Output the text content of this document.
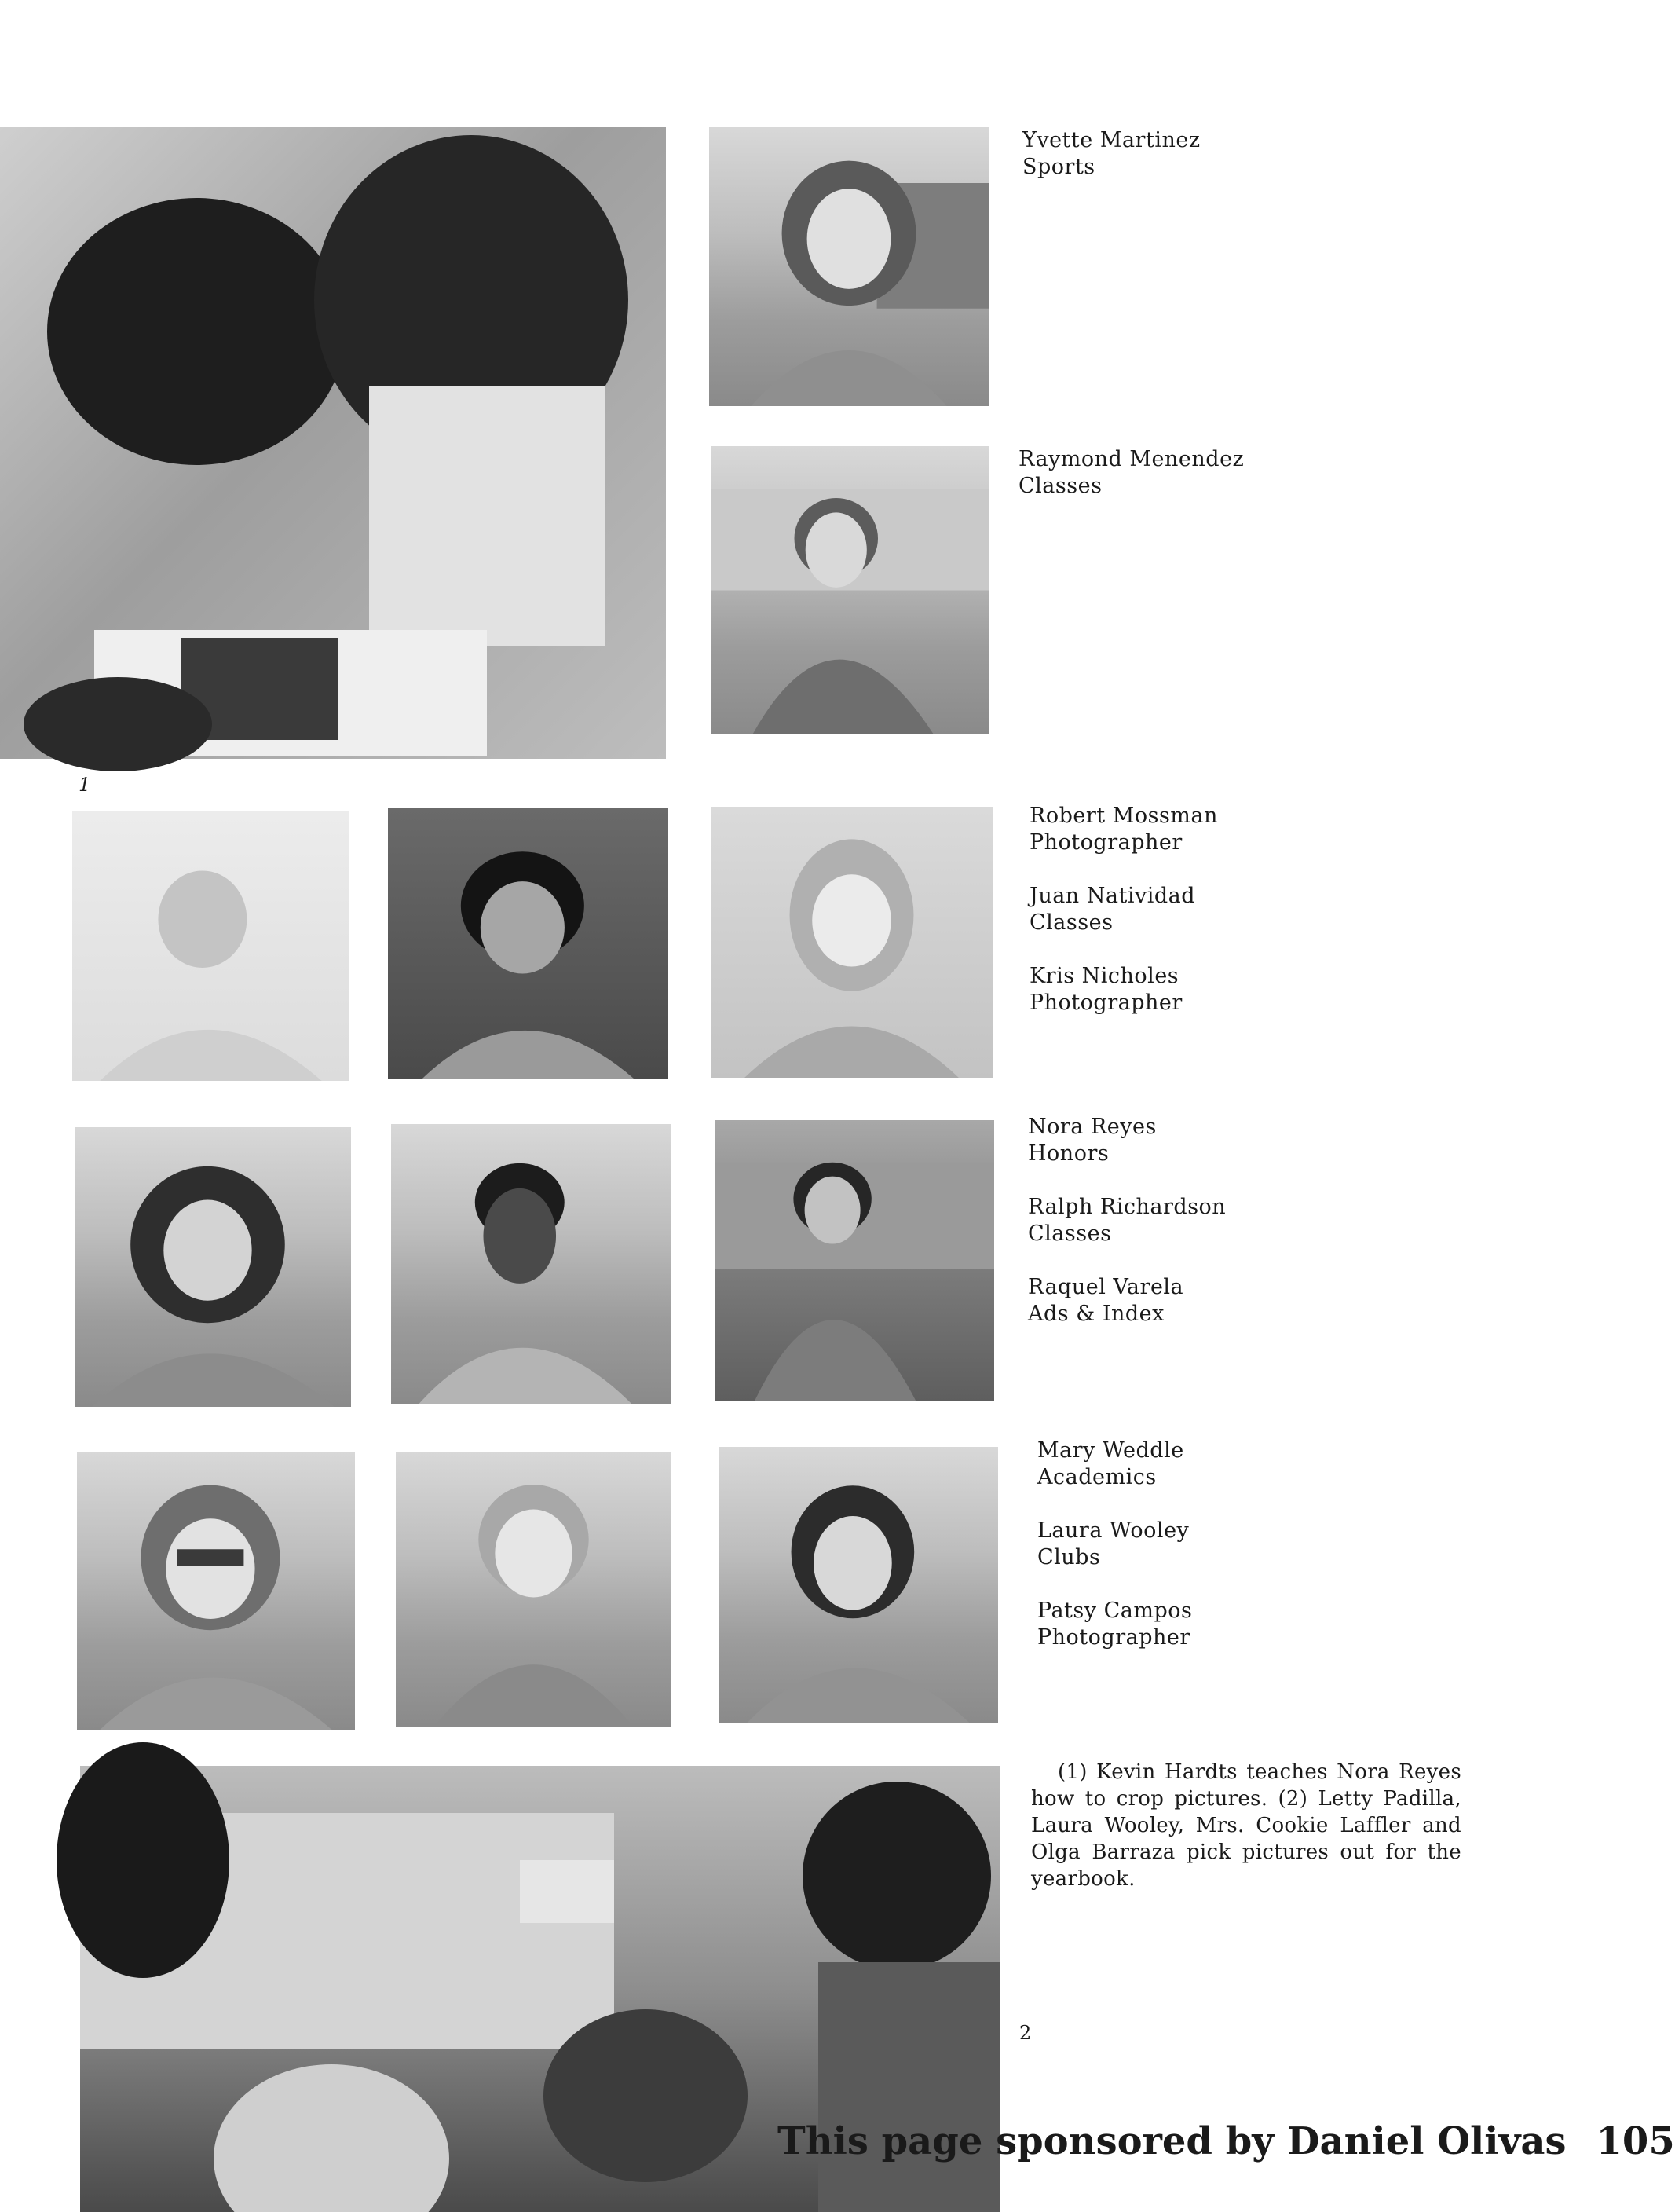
Yvette Martinez
Sports
Raymond Menendez
Classes
1
Robert Mossman
Photographer
Juan Natividad
Classes
Kris Nicholes
Photographer
Nora Reyes
Honors
Ralph Richardson
Classes
Raquel Varela
Ads & Index
Mary Weddle
Academics
Laura Wooley
Clubs
Patsy Campos
Photographer
(1) Kevin Hardts teaches Nora Reyes how to crop pictures. (2) Letty Padilla, Laura Wooley, Mrs. Cookie Laffler and Olga Barraza pick pictures out for the yearbook.
2
This page sponsored by Daniel Olivas 105
